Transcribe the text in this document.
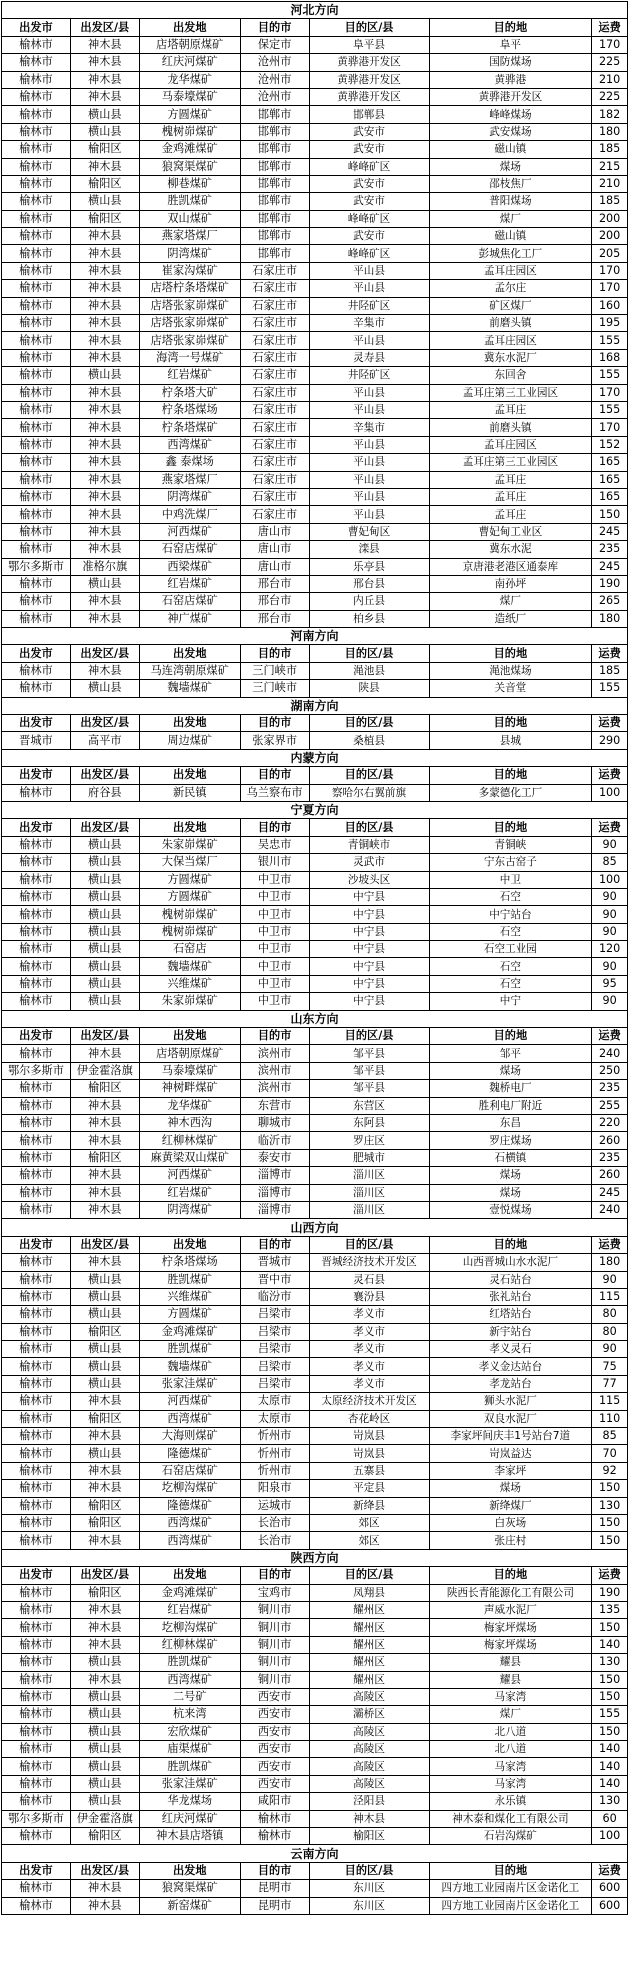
河北方向						
出发市	出发区/县	出发地	目的市	目的区/县	目的地	运费
榆林市	神木县	店塔朝原煤矿	保定市	阜平县	阜平	170
榆林市	神木县	红庆河煤矿	沧州市	黄骅港开发区	国防煤场	225
榆林市	神木县	龙华煤矿	沧州市	黄骅港开发区	黄骅港	210
榆林市	神木县	马泰壕煤矿	沧州市	黄骅港开发区	黄骅港开发区	225
榆林市	横山县	方圆煤矿	邯郸市	邯郸县	峰峰煤场	182
榆林市	横山县	槐树峁煤矿	邯郸市	武安市	武安煤场	180
榆林市	榆阳区	金鸡滩煤矿	邯郸市	武安市	磁山镇	185
榆林市	神木县	狼窝渠煤矿	邯郸市	峰峰矿区	煤场	215
榆林市	榆阳区	柳巷煤矿	邯郸市	武安市	邵枝焦厂	210
榆林市	横山县	胜凯煤矿	邯郸市	武安市	普阳煤场	185
榆林市	榆阳区	双山煤矿	邯郸市	峰峰矿区	煤厂	200
榆林市	神木县	燕家塔煤厂	邯郸市	武安市	磁山镇	200
榆林市	神木县	阴湾煤矿	邯郸市	峰峰矿区	彭城焦化工厂	205
榆林市	神木县	崔家沟煤矿	石家庄市	平山县	孟耳庄园区	170
榆林市	神木县	店塔柠条塔煤矿	石家庄市	平山县	孟尔庄	170
榆林市	神木县	店塔张家峁煤矿	石家庄市	井陉矿区	矿区煤厂	160
榆林市	神木县	店塔张家峁煤矿	石家庄市	辛集市	前磨头镇	195
榆林市	神木县	店塔张家峁煤矿	石家庄市	平山县	孟耳庄园区	155
榆林市	神木县	海湾一号煤矿	石家庄市	灵寿县	冀东水泥厂	168
榆林市	横山县	红岩煤矿	石家庄市	井陉矿区	东回舍	155
榆林市	神木县	柠条塔大矿	石家庄市	平山县	孟耳庄第三工业园区	170
榆林市	神木县	柠条塔煤场	石家庄市	平山县	孟耳庄	155
榆林市	神木县	柠条塔煤矿	石家庄市	辛集市	前磨头镇	170
榆林市	神木县	西湾煤矿	石家庄市	平山县	孟耳庄园区	152
榆林市	神木县	鑫 泰煤场	石家庄市	平山县	孟耳庄第三工业园区	165
榆林市	神木县	燕家塔煤厂	石家庄市	平山县	孟耳庄	165
榆林市	神木县	阴湾煤矿	石家庄市	平山县	孟耳庄	165
榆林市	神木县	中鸡洗煤厂	石家庄市	平山县	孟耳庄	150
榆林市	神木县	河西煤矿	唐山市	曹妃甸区	曹妃甸工业区	245
榆林市	神木县	石窑店煤矿	唐山市	滦县	冀东水泥	235
鄂尔多斯市	准格尔旗	西梁煤矿	唐山市	乐亭县	京唐港老港区通泰库	245
榆林市	横山县	红岩煤矿	邢台市	邢台县	南孙坪	190
榆林市	神木县	石窑店煤矿	邢台市	内丘县	煤厂	265
榆林市	神木县	神广煤矿	邢台市	柏乡县	造纸厂	180
河南方向						
出发市	出发区/县	出发地	目的市	目的区/县	目的地	运费
榆林市	神木县	马连湾朝原煤矿	三门峡市	渑池县	渑池煤场	185
榆林市	横山县	魏墙煤矿	三门峡市	陕县	关音堂	155
湖南方向						
出发市	出发区/县	出发地	目的市	目的区/县	目的地	运费
晋城市	高平市	周边煤矿	张家界市	桑植县	县城	290
内蒙方向						
出发市	出发区/县	出发地	目的市	目的区/县	目的地	运费
榆林市	府谷县	新民镇	乌兰察布市	察哈尔右翼前旗	多蒙德化工厂	100
宁夏方向						
出发市	出发区/县	出发地	目的市	目的区/县	目的地	运费
榆林市	横山县	朱家峁煤矿	吴忠市	青铜峡市	青铜峡	90
榆林市	横山县	大保当煤厂	银川市	灵武市	宁东古窑子	85
榆林市	横山县	方圆煤矿	中卫市	沙坡头区	中卫	100
榆林市	横山县	方圆煤矿	中卫市	中宁县	石空	90
榆林市	横山县	槐树峁煤矿	中卫市	中宁县	中宁站台	90
榆林市	横山县	槐树峁煤矿	中卫市	中宁县	石空	90
榆林市	横山县	石窑店	中卫市	中宁县	石空工业园	120
榆林市	横山县	魏墙煤矿	中卫市	中宁县	石空	90
榆林市	横山县	兴维煤矿	中卫市	中宁县	石空	95
榆林市	横山县	朱家峁煤矿	中卫市	中宁县	中宁	90
山东方向						
出发市	出发区/县	出发地	目的市	目的区/县	目的地	运费
榆林市	神木县	店塔朝原煤矿	滨州市	邹平县	邹平	240
鄂尔多斯市	伊金霍洛旗	马泰壕煤矿	滨州市	邹平县	煤场	250
榆林市	榆阳区	神树畔煤矿	滨州市	邹平县	魏桥电厂	235
榆林市	神木县	龙华煤矿	东营市	东营区	胜利电厂附近	255
榆林市	神木县	神木西沟	聊城市	东阿县	东昌	220
榆林市	神木县	红柳林煤矿	临沂市	罗庄区	罗庄煤场	260
榆林市	榆阳区	麻黄梁双山煤矿	泰安市	肥城市	石横镇	235
榆林市	神木县	河西煤矿	淄博市	淄川区	煤场	260
榆林市	神木县	红岩煤矿	淄博市	淄川区	煤场	245
榆林市	神木县	阴湾煤矿	淄博市	淄川区	壹悦煤场	240
山西方向						
出发市	出发区/县	出发地	目的市	目的区/县	目的地	运费
榆林市	神木县	柠条塔煤场	晋城市	晋城经济技术开发区	山西晋城山水水泥厂	180
榆林市	横山县	胜凯煤矿	晋中市	灵石县	灵石站台	90
榆林市	横山县	兴维煤矿	临汾市	襄汾县	张礼站台	115
榆林市	横山县	方圆煤矿	吕梁市	孝义市	红塔站台	80
榆林市	榆阳区	金鸡滩煤矿	吕梁市	孝义市	新宇站台	80
榆林市	横山县	胜凯煤矿	吕梁市	孝义市	孝义灵石	90
榆林市	横山县	魏墙煤矿	吕梁市	孝义市	孝义金达站台	75
榆林市	横山县	张家洼煤矿	吕梁市	孝义市	孝龙站台	77
榆林市	神木县	河西煤矿	太原市	太原经济技术开发区	狮头水泥厂	115
榆林市	榆阳区	西湾煤矿	太原市	杏花岭区	双良水泥厂	110
榆林市	神木县	大海则煤矿	忻州市	岢岚县	李家坪间庆丰1号站台7道	85
榆林市	横山县	隆德煤矿	忻州市	岢岚县	岢岚益达	70
榆林市	神木县	石窑店煤矿	忻州市	五寨县	李家坪	92
榆林市	神木县	圪柳沟煤矿	阳泉市	平定县	煤场	150
榆林市	榆阳区	隆德煤矿	运城市	新绛县	新绛煤厂	130
榆林市	榆阳区	西湾煤矿	长治市	郊区	白灰场	150
榆林市	神木县	西湾煤矿	长治市	郊区	张庄村	150
陕西方向						
出发市	出发区/县	出发地	目的市	目的区/县	目的地	运费
榆林市	榆阳区	金鸡滩煤矿	宝鸡市	凤翔县	陕西长青能源化工有限公司	190
榆林市	神木县	红岩煤矿	铜川市	耀州区	声威水泥厂	135
榆林市	神木县	圪柳沟煤矿	铜川市	耀州区	梅家坪煤场	150
榆林市	神木县	红柳林煤矿	铜川市	耀州区	梅家坪煤场	140
榆林市	横山县	胜凯煤矿	铜川市	耀州区	耀县	130
榆林市	神木县	西湾煤矿	铜川市	耀州区	耀县	150
榆林市	横山县	二号矿	西安市	高陵区	马家湾	150
榆林市	横山县	杭来湾	西安市	灞桥区	煤厂	155
榆林市	横山县	宏欣煤矿	西安市	高陵区	北八道	150
榆林市	横山县	庙渠煤矿	西安市	高陵区	北八道	140
榆林市	横山县	胜凯煤矿	西安市	高陵区	马家湾	140
榆林市	横山县	张家洼煤矿	西安市	高陵区	马家湾	140
榆林市	横山县	华龙煤场	咸阳市	泾阳县	永乐镇	130
鄂尔多斯市	伊金霍洛旗	红庆河煤矿	榆林市	神木县	神木泰和煤化工有限公司	60
榆林市	榆阳区	神木县店塔镇	榆林市	榆阳区	石岩沟煤矿	100
云南方向						
出发市	出发区/县	出发地	目的市	目的区/县	目的地	运费
榆林市	神木县	狼窝渠煤矿	昆明市	东川区	四方地工业园南片区金诺化工	600
榆林市	神木县	新窑煤矿	昆明市	东川区	四方地工业园南片区金诺化工	600
